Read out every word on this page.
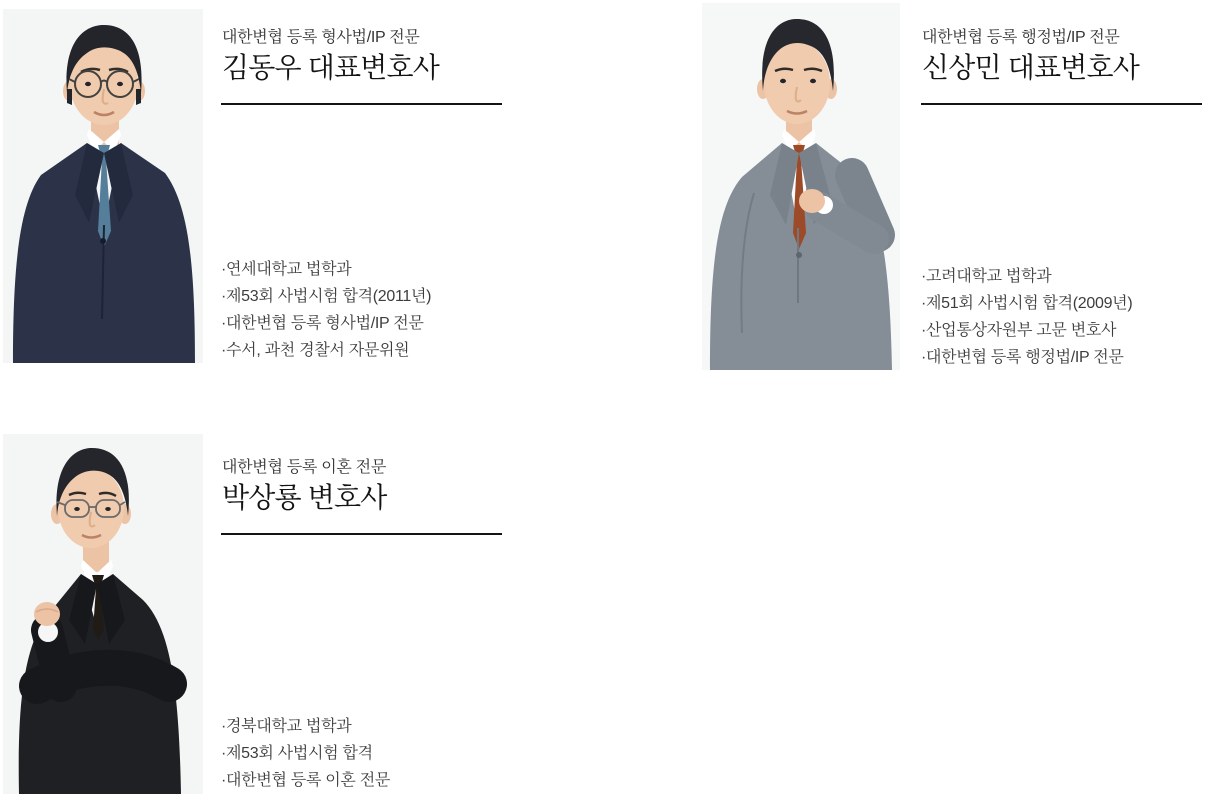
대한변협 등록 형사법/IP 전문
김동우 대표변호사
·연세대학교 법학과
·제53회 사법시험 합격(2011년)
·대한변협 등록 형사법/IP 전문
·수서, 과천 경찰서 자문위원
대한변협 등록 행정법/IP 전문
신상민 대표변호사
·고려대학교 법학과
·제51회 사법시험 합격(2009년)
·산업통상자원부 고문 변호사
·대한변협 등록 행정법/IP 전문
대한변협 등록 이혼 전문
박상룡 변호사
·경북대학교 법학과
·제53회 사법시험 합격
·대한변협 등록 이혼 전문
